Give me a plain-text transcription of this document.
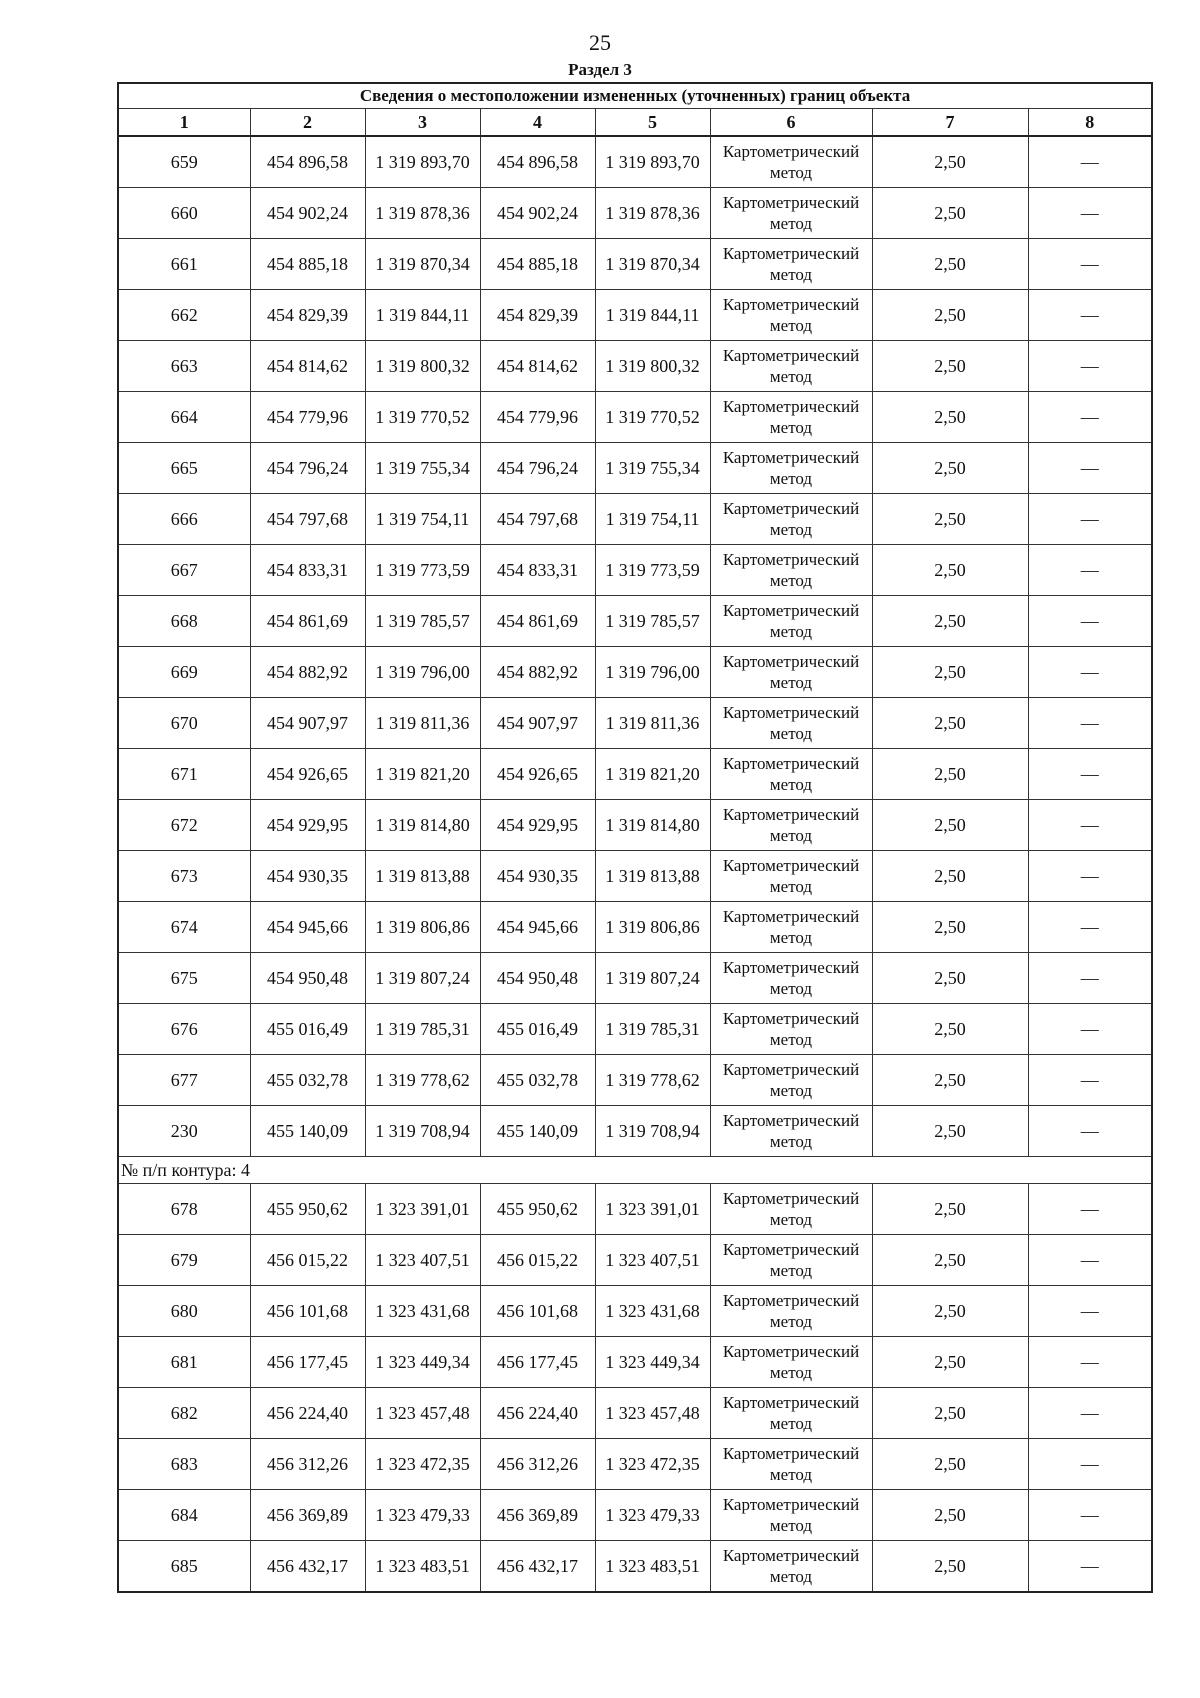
25
Раздел 3
Сведения о местоположении измененных (уточненных) границ объекта							
1	2	3	4	5	6	7	8
659	454 896,58	1 319 893,70	454 896,58	1 319 893,70	Картометрический метод	2,50	—
660	454 902,24	1 319 878,36	454 902,24	1 319 878,36	Картометрический метод	2,50	—
661	454 885,18	1 319 870,34	454 885,18	1 319 870,34	Картометрический метод	2,50	—
662	454 829,39	1 319 844,11	454 829,39	1 319 844,11	Картометрический метод	2,50	—
663	454 814,62	1 319 800,32	454 814,62	1 319 800,32	Картометрический метод	2,50	—
664	454 779,96	1 319 770,52	454 779,96	1 319 770,52	Картометрический метод	2,50	—
665	454 796,24	1 319 755,34	454 796,24	1 319 755,34	Картометрический метод	2,50	—
666	454 797,68	1 319 754,11	454 797,68	1 319 754,11	Картометрический метод	2,50	—
667	454 833,31	1 319 773,59	454 833,31	1 319 773,59	Картометрический метод	2,50	—
668	454 861,69	1 319 785,57	454 861,69	1 319 785,57	Картометрический метод	2,50	—
669	454 882,92	1 319 796,00	454 882,92	1 319 796,00	Картометрический метод	2,50	—
670	454 907,97	1 319 811,36	454 907,97	1 319 811,36	Картометрический метод	2,50	—
671	454 926,65	1 319 821,20	454 926,65	1 319 821,20	Картометрический метод	2,50	—
672	454 929,95	1 319 814,80	454 929,95	1 319 814,80	Картометрический метод	2,50	—
673	454 930,35	1 319 813,88	454 930,35	1 319 813,88	Картометрический метод	2,50	—
674	454 945,66	1 319 806,86	454 945,66	1 319 806,86	Картометрический метод	2,50	—
675	454 950,48	1 319 807,24	454 950,48	1 319 807,24	Картометрический метод	2,50	—
676	455 016,49	1 319 785,31	455 016,49	1 319 785,31	Картометрический метод	2,50	—
677	455 032,78	1 319 778,62	455 032,78	1 319 778,62	Картометрический метод	2,50	—
230	455 140,09	1 319 708,94	455 140,09	1 319 708,94	Картометрический метод	2,50	—
№ п/п контура: 4							
678	455 950,62	1 323 391,01	455 950,62	1 323 391,01	Картометрический метод	2,50	—
679	456 015,22	1 323 407,51	456 015,22	1 323 407,51	Картометрический метод	2,50	—
680	456 101,68	1 323 431,68	456 101,68	1 323 431,68	Картометрический метод	2,50	—
681	456 177,45	1 323 449,34	456 177,45	1 323 449,34	Картометрический метод	2,50	—
682	456 224,40	1 323 457,48	456 224,40	1 323 457,48	Картометрический метод	2,50	—
683	456 312,26	1 323 472,35	456 312,26	1 323 472,35	Картометрический метод	2,50	—
684	456 369,89	1 323 479,33	456 369,89	1 323 479,33	Картометрический метод	2,50	—
685	456 432,17	1 323 483,51	456 432,17	1 323 483,51	Картометрический метод	2,50	—
